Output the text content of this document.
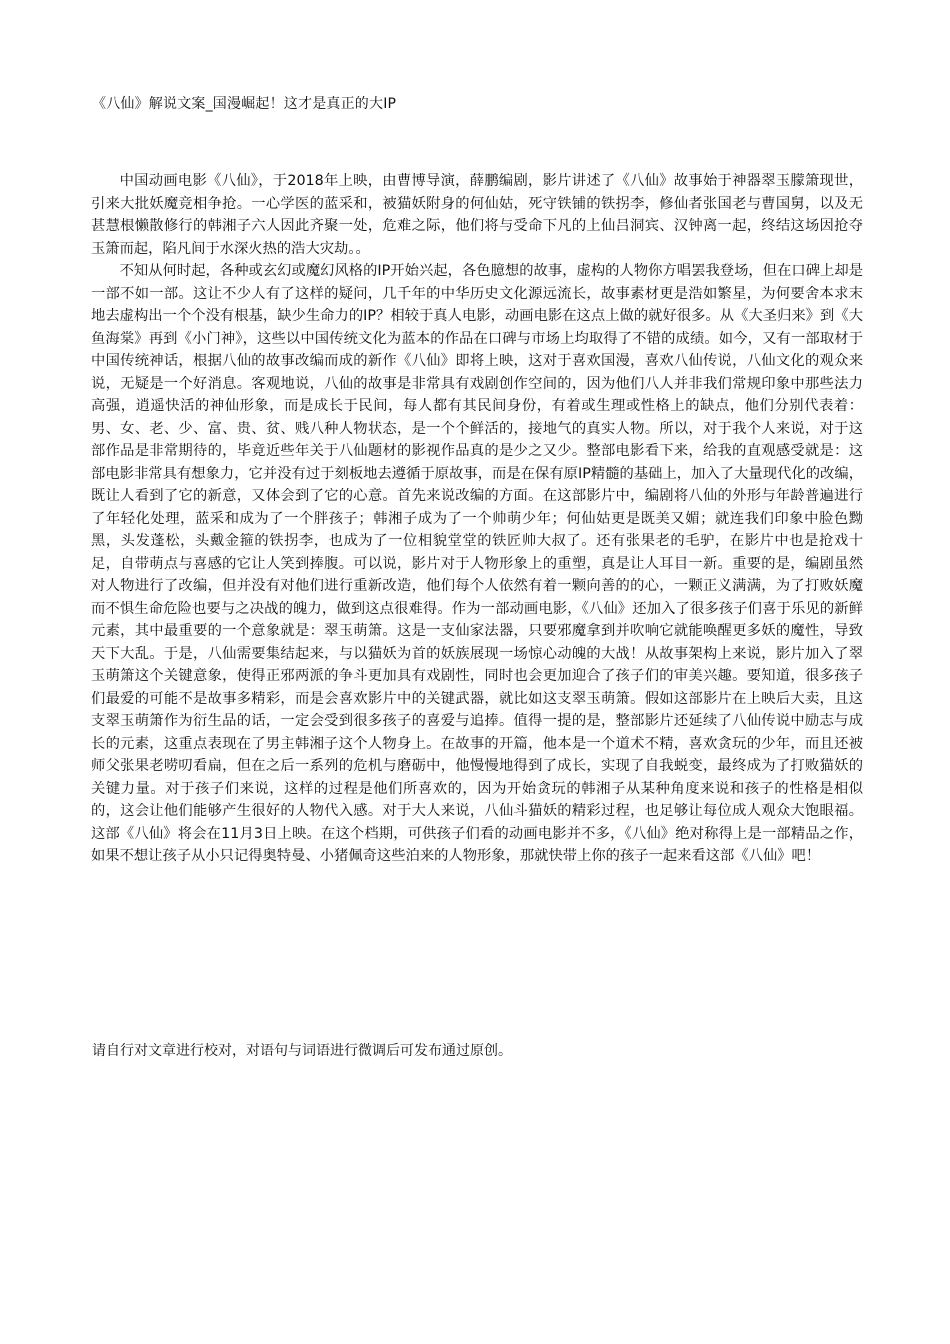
《八仙》解说文案_国漫崛起！这才是真正的大IP

中国动画电影《八仙》，于2018年上映，由曹博导演，薛鹏编剧，影片讲述了《八仙》故事始于神器翠玉朦箫现世，引来大批妖魔竞相争抢。一心学医的蓝采和，被猫妖附身的何仙姑，死守铁铺的铁拐李，修仙者张国老与曹国舅，以及无甚慧根懒散修行的韩湘子六人因此齐聚一处，危难之际，他们将与受命下凡的上仙吕洞宾、汉钟离一起，终结这场因抢夺玉箫而起，陷凡间于水深火热的浩大灾劫。。

不知从何时起，各种或玄幻或魔幻风格的IP开始兴起，各色臆想的故事，虚构的人物你方唱罢我登场，但在口碑上却是一部不如一部。这让不少人有了这样的疑问，几千年的中华历史文化源远流长，故事素材更是浩如繁星，为何要舍本求末地去虚构出一个个没有根基，缺少生命力的IP？相较于真人电影，动画电影在这点上做的就好很多。从《大圣归来》到《大鱼海棠》再到《小门神》，这些以中国传统文化为蓝本的作品在口碑与市场上均取得了不错的成绩。如今，又有一部取材于中国传统神话，根据八仙的故事改编而成的新作《八仙》即将上映，这对于喜欢国漫，喜欢八仙传说，八仙文化的观众来说，无疑是一个好消息。客观地说，八仙的故事是非常具有戏剧创作空间的，因为他们八人并非我们常规印象中那些法力高强，逍遥快活的神仙形象，而是成长于民间，每人都有其民间身份，有着或生理或性格上的缺点，他们分别代表着：男、女、老、少、富、贵、贫、贱八种人物状态，是一个个鲜活的，接地气的真实人物。所以，对于我个人来说，对于这部作品是非常期待的，毕竟近些年关于八仙题材的影视作品真的是少之又少。整部电影看下来，给我的直观感受就是：这部电影非常具有想象力，它并没有过于刻板地去遵循于原故事，而是在保有原IP精髓的基础上，加入了大量现代化的改编，既让人看到了它的新意，又体会到了它的心意。首先来说改编的方面。在这部影片中，编剧将八仙的外形与年龄普遍进行了年轻化处理，蓝采和成为了一个胖孩子；韩湘子成为了一个帅萌少年；何仙姑更是既美又媚；就连我们印象中脸色黝黑，头发蓬松，头戴金箍的铁拐李，也成为了一位相貌堂堂的铁匠帅大叔了。还有张果老的毛驴，在影片中也是抢戏十足，自带萌点与喜感的它让人笑到捧腹。可以说，影片对于人物形象上的重塑，真是让人耳目一新。重要的是，编剧虽然对人物进行了改编，但并没有对他们进行重新改造，他们每个人依然有着一颗向善的的心，一颗正义满满，为了打败妖魔而不惧生命危险也要与之决战的魄力，做到这点很难得。作为一部动画电影，《八仙》还加入了很多孩子们喜于乐见的新鲜元素，其中最重要的一个意象就是：翠玉萌箫。这是一支仙家法器，只要邪魔拿到并吹响它就能唤醒更多妖的魔性，导致天下大乱。于是，八仙需要集结起来，与以猫妖为首的妖族展现一场惊心动魄的大战！从故事架构上来说，影片加入了翠玉萌箫这个关键意象，使得正邪两派的争斗更加具有戏剧性，同时也会更加迎合了孩子们的审美兴趣。要知道，很多孩子们最爱的可能不是故事多精彩，而是会喜欢影片中的关键武器，就比如这支翠玉萌箫。假如这部影片在上映后大卖，且这支翠玉萌箫作为衍生品的话，一定会受到很多孩子的喜爱与追捧。值得一提的是，整部影片还延续了八仙传说中励志与成长的元素，这重点表现在了男主韩湘子这个人物身上。在故事的开篇，他本是一个道术不精，喜欢贪玩的少年，而且还被师父张果老唠叨看扁，但在之后一系列的危机与磨砺中，他慢慢地得到了成长，实现了自我蜕变，最终成为了打败猫妖的关键力量。对于孩子们来说，这样的过程是他们所喜欢的，因为开始贪玩的韩湘子从某种角度来说和孩子的性格是相似的，这会让他们能够产生很好的人物代入感。对于大人来说，八仙斗猫妖的精彩过程，也足够让每位成人观众大饱眼福。这部《八仙》将会在11月3日上映。在这个档期，可供孩子们看的动画电影并不多，《八仙》绝对称得上是一部精品之作，如果不想让孩子从小只记得奥特曼、小猪佩奇这些泊来的人物形象，那就快带上你的孩子一起来看这部《八仙》吧！

请自行对文章进行校对，对语句与词语进行微调后可发布通过原创。
